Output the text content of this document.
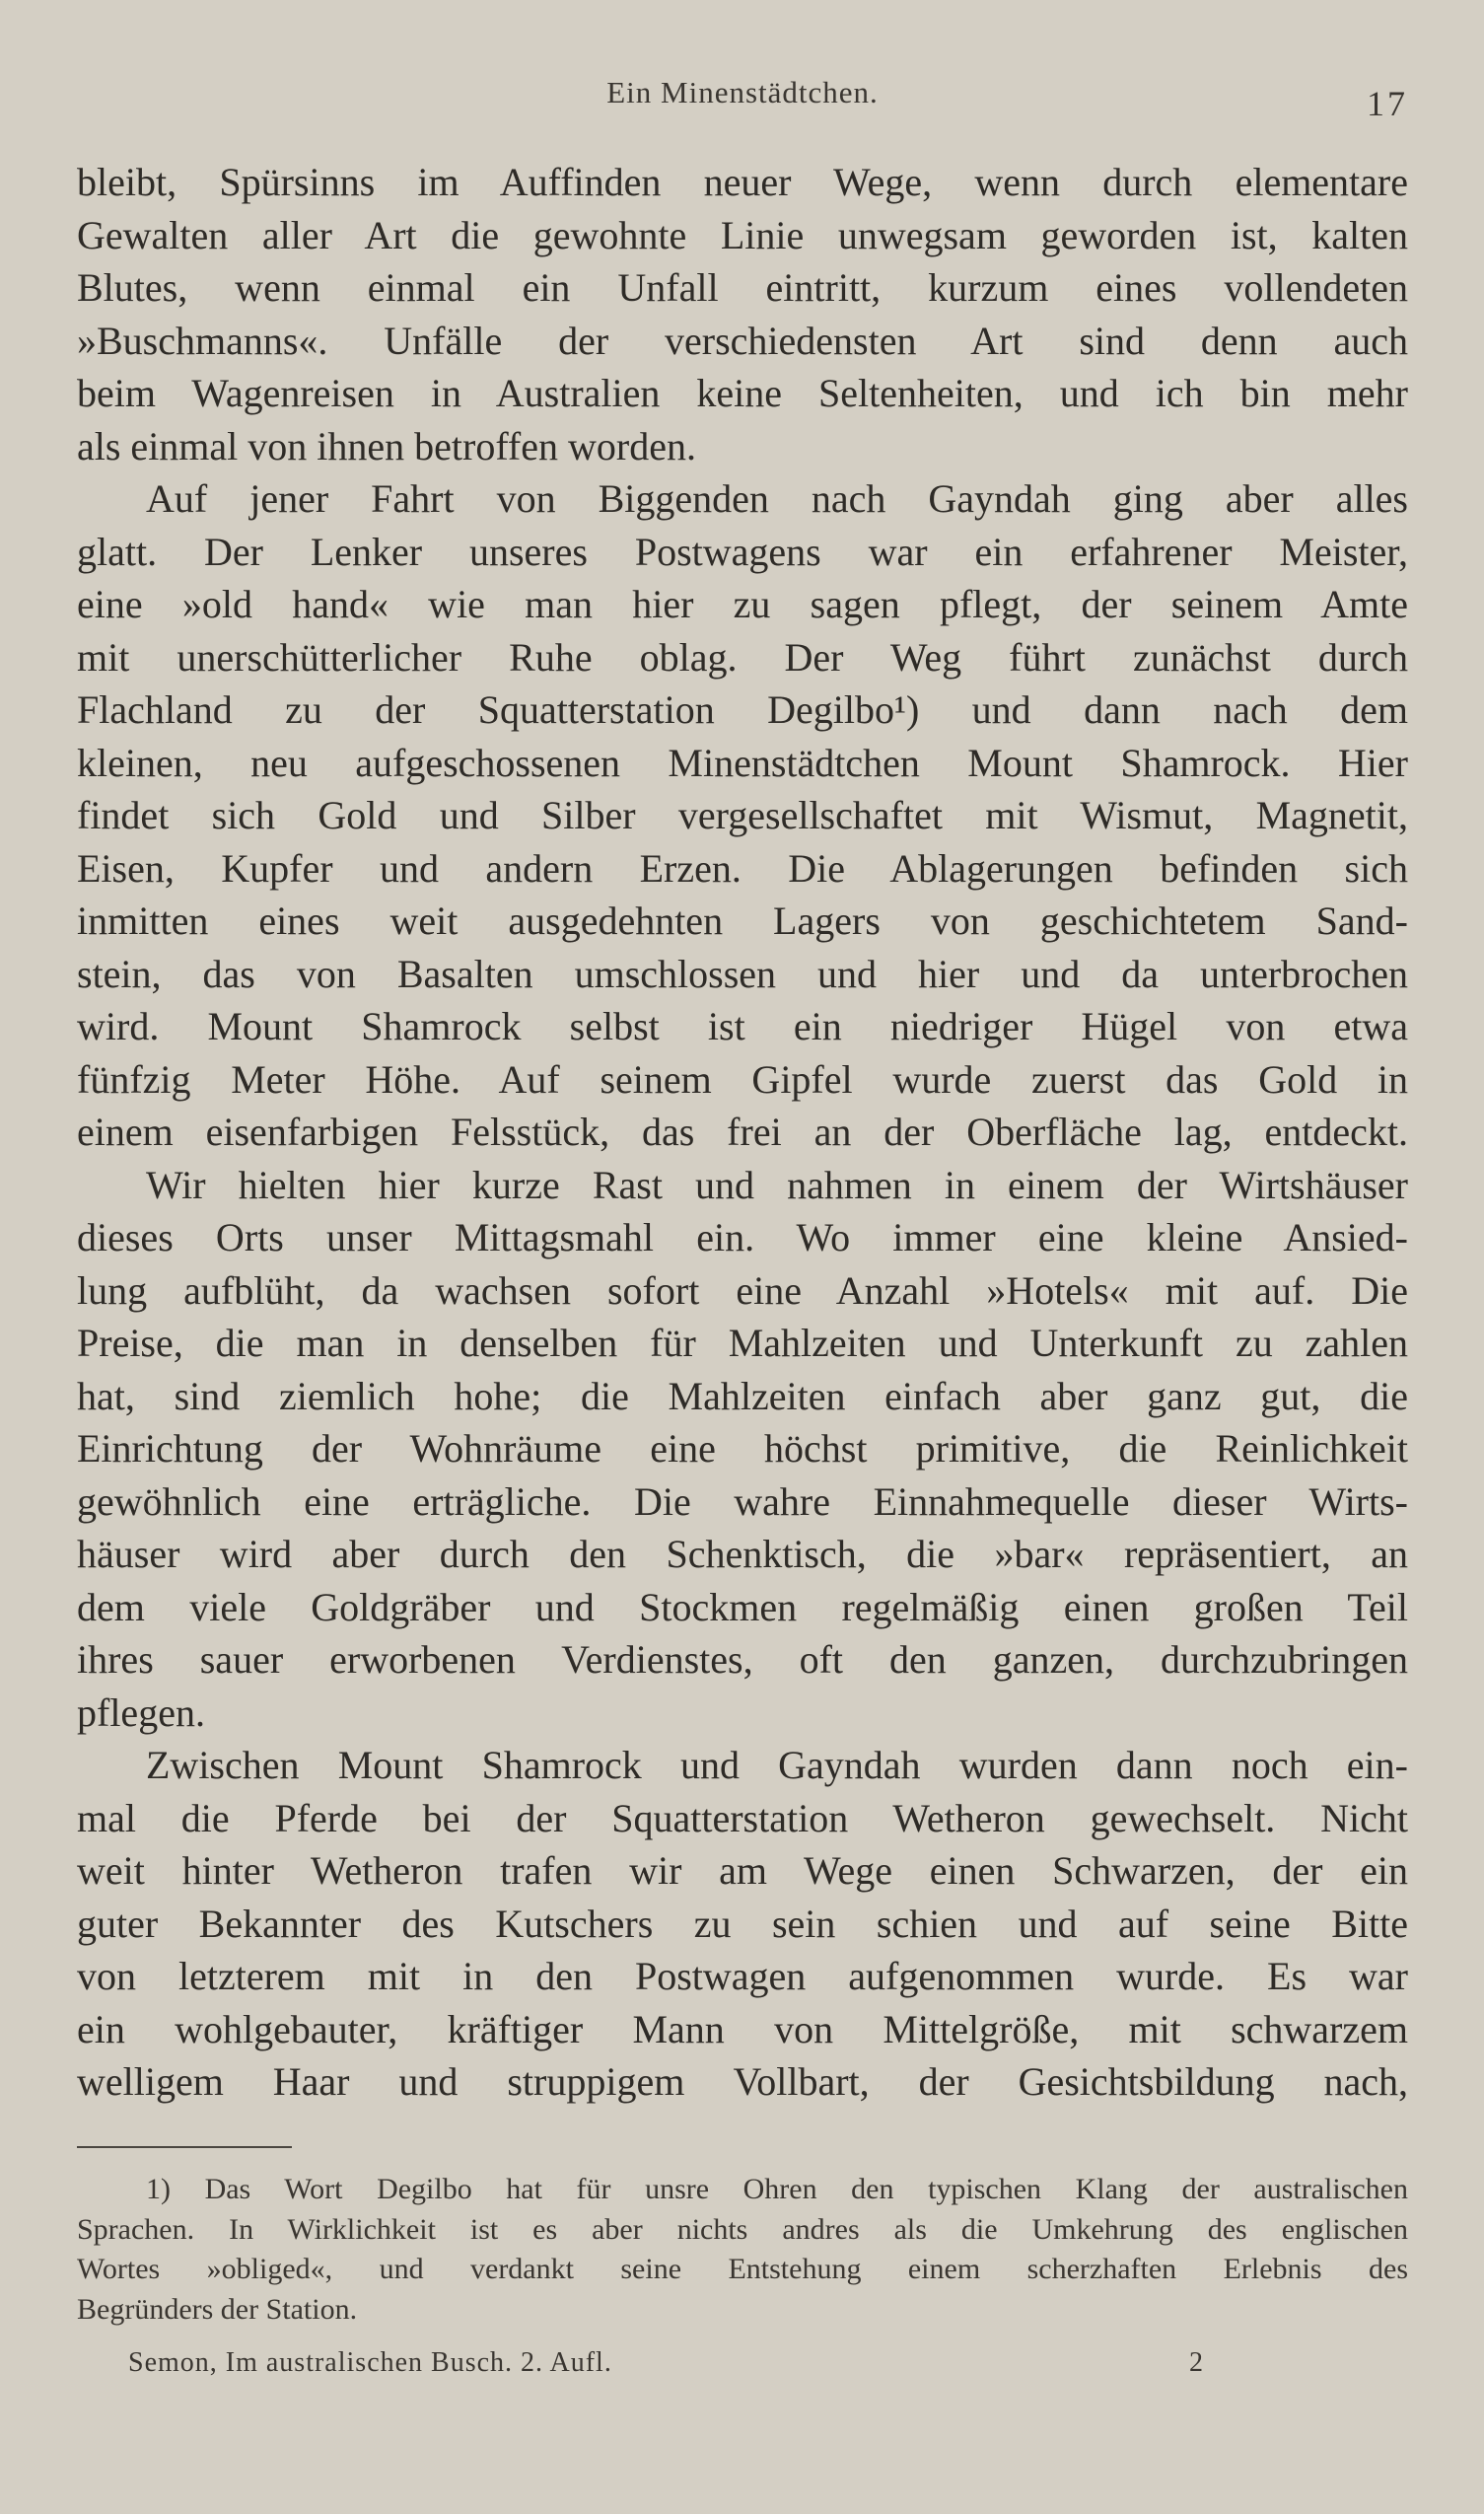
Ein Minenstädtchen.	17
bleibt, Spürsinns im Auffinden neuer Wege, wenn durch elementare
Gewalten aller Art die gewohnte Linie unwegsam geworden ist, kalten
Blutes, wenn einmal ein Unfall eintritt, kurzum eines vollendeten
»Buschmanns«. Unfälle der verschiedensten Art sind denn auch
beim Wagenreisen in Australien keine Seltenheiten, und ich bin mehr
als einmal von ihnen betroffen worden.
Auf jener Fahrt von Biggenden nach Gayndah ging aber alles
glatt. Der Lenker unseres Postwagens war ein erfahrener Meister,
eine »old hand« wie man hier zu sagen pflegt, der seinem Amte
mit unerschütterlicher Ruhe oblag. Der Weg führt zunächst durch
Flachland zu der Squatterstation Degilbo¹) und dann nach dem
kleinen, neu aufgeschossenen Minenstädtchen Mount Shamrock. Hier
findet sich Gold und Silber vergesellschaftet mit Wismut, Magnetit,
Eisen, Kupfer und andern Erzen. Die Ablagerungen befinden sich
inmitten eines weit ausgedehnten Lagers von geschichtetem Sand-
stein, das von Basalten umschlossen und hier und da unterbrochen
wird. Mount Shamrock selbst ist ein niedriger Hügel von etwa
fünfzig Meter Höhe. Auf seinem Gipfel wurde zuerst das Gold in
einem eisenfarbigen Felsstück, das frei an der Oberfläche lag, entdeckt.
Wir hielten hier kurze Rast und nahmen in einem der Wirtshäuser
dieses Orts unser Mittagsmahl ein. Wo immer eine kleine Ansied-
lung aufblüht, da wachsen sofort eine Anzahl »Hotels« mit auf. Die
Preise, die man in denselben für Mahlzeiten und Unterkunft zu zahlen
hat, sind ziemlich hohe; die Mahlzeiten einfach aber ganz gut, die
Einrichtung der Wohnräume eine höchst primitive, die Reinlichkeit
gewöhnlich eine erträgliche. Die wahre Einnahmequelle dieser Wirts-
häuser wird aber durch den Schenktisch, die »bar« repräsentiert, an
dem viele Goldgräber und Stockmen regelmäßig einen großen Teil
ihres sauer erworbenen Verdienstes, oft den ganzen, durchzubringen
pflegen.
Zwischen Mount Shamrock und Gayndah wurden dann noch ein-
mal die Pferde bei der Squatterstation Wetheron gewechselt. Nicht
weit hinter Wetheron trafen wir am Wege einen Schwarzen, der ein
guter Bekannter des Kutschers zu sein schien und auf seine Bitte
von letzterem mit in den Postwagen aufgenommen wurde. Es war
ein wohlgebauter, kräftiger Mann von Mittelgröße, mit schwarzem
welligem Haar und struppigem Vollbart, der Gesichtsbildung nach,
1) Das Wort Degilbo hat für unsre Ohren den typischen Klang der australischen
Sprachen. In Wirklichkeit ist es aber nichts andres als die Umkehrung des englischen
Wortes »obliged«, und verdankt seine Entstehung einem scherzhaften Erlebnis des
Begründers der Station.
Semon, Im australischen Busch. 2. Aufl.	2
